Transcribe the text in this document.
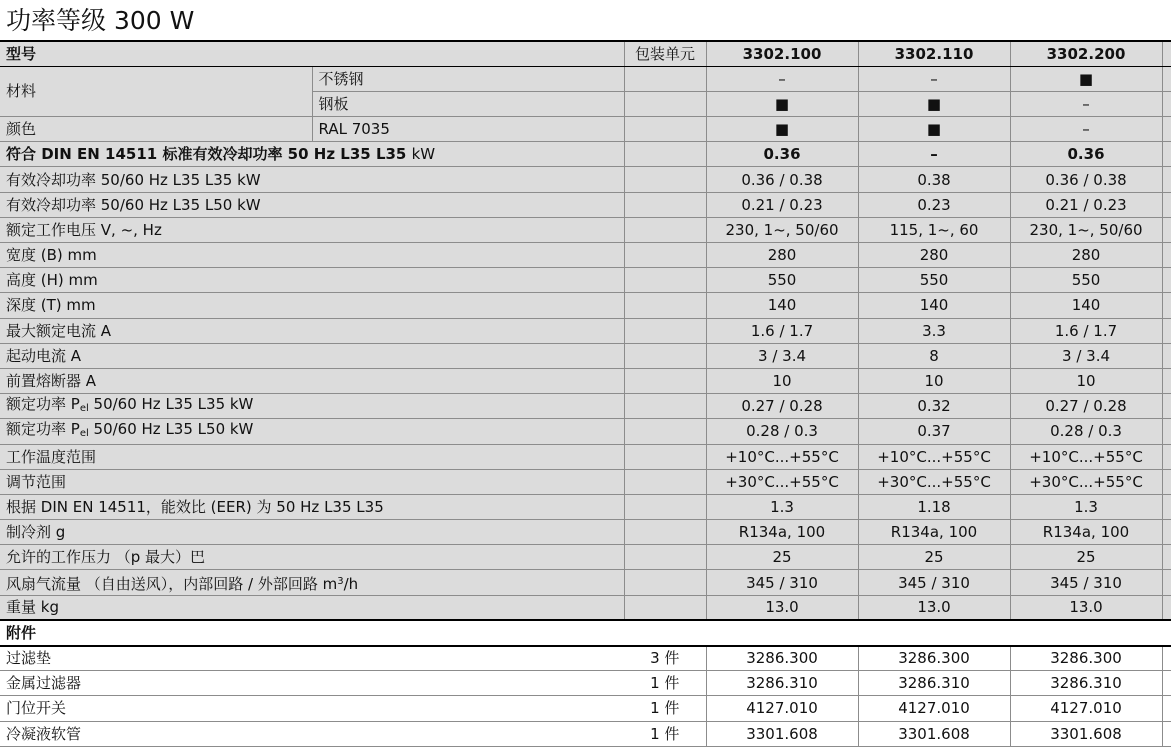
功率等级 300 W
型号		包装单元	3302.100	3302.110	3302.200	
材料	不锈钢		–	–	■	
	钢板		■	■	–	
颜色	RAL 7035		■	■	–	
符合 DIN EN 14511 标准有效冷却功率 50 Hz L35 L35 kW			0.36	–	0.36	
有效冷却功率 50/60 Hz L35 L35 kW			0.36 / 0.38	0.38	0.36 / 0.38	
有效冷却功率 50/60 Hz L35 L50 kW			0.21 / 0.23	0.23	0.21 / 0.23	
额定工作电压 V, ~, Hz			230, 1~, 50/60	115, 1~, 60	230, 1~, 50/60	
宽度 (B) mm			280	280	280	
高度 (H) mm			550	550	550	
深度 (T) mm			140	140	140	
最大额定电流 A			1.6 / 1.7	3.3	1.6 / 1.7	
起动电流 A			3 / 3.4	8	3 / 3.4	
前置熔断器 A			10	10	10	
额定功率 $P_{el}$ 50/60 Hz L35 L35 kW			0.27 / 0.28	0.32	0.27 / 0.28	
额定功率 $P_{el}$ 50/60 Hz L35 L50 kW			0.28 / 0.3	0.37	0.28 / 0.3	
工作温度范围			+10°C...+55°C	+10°C...+55°C	+10°C...+55°C	
调节范围			+30°C...+55°C	+30°C...+55°C	+30°C...+55°C	
根据 DIN EN 14511，能效比 (EER) 为 50 Hz L35 L35			1.3	1.18	1.3	
制冷剂 g			R134a, 100	R134a, 100	R134a, 100	
允许的工作压力 （p 最大）巴			25	25	25	
风扇气流量 （自由送风），内部回路 / 外部回路 $m^3/h$			345 / 310	345 / 310	345 / 310	
重量 kg			13.0	13.0	13.0	
附件						
过滤垫		3 件	3286.300	3286.300	3286.300	
金属过滤器		1 件	3286.310	3286.310	3286.310	
门位开关		1 件	4127.010	4127.010	4127.010	
冷凝液软管		1 件	3301.608	3301.608	3301.608	
